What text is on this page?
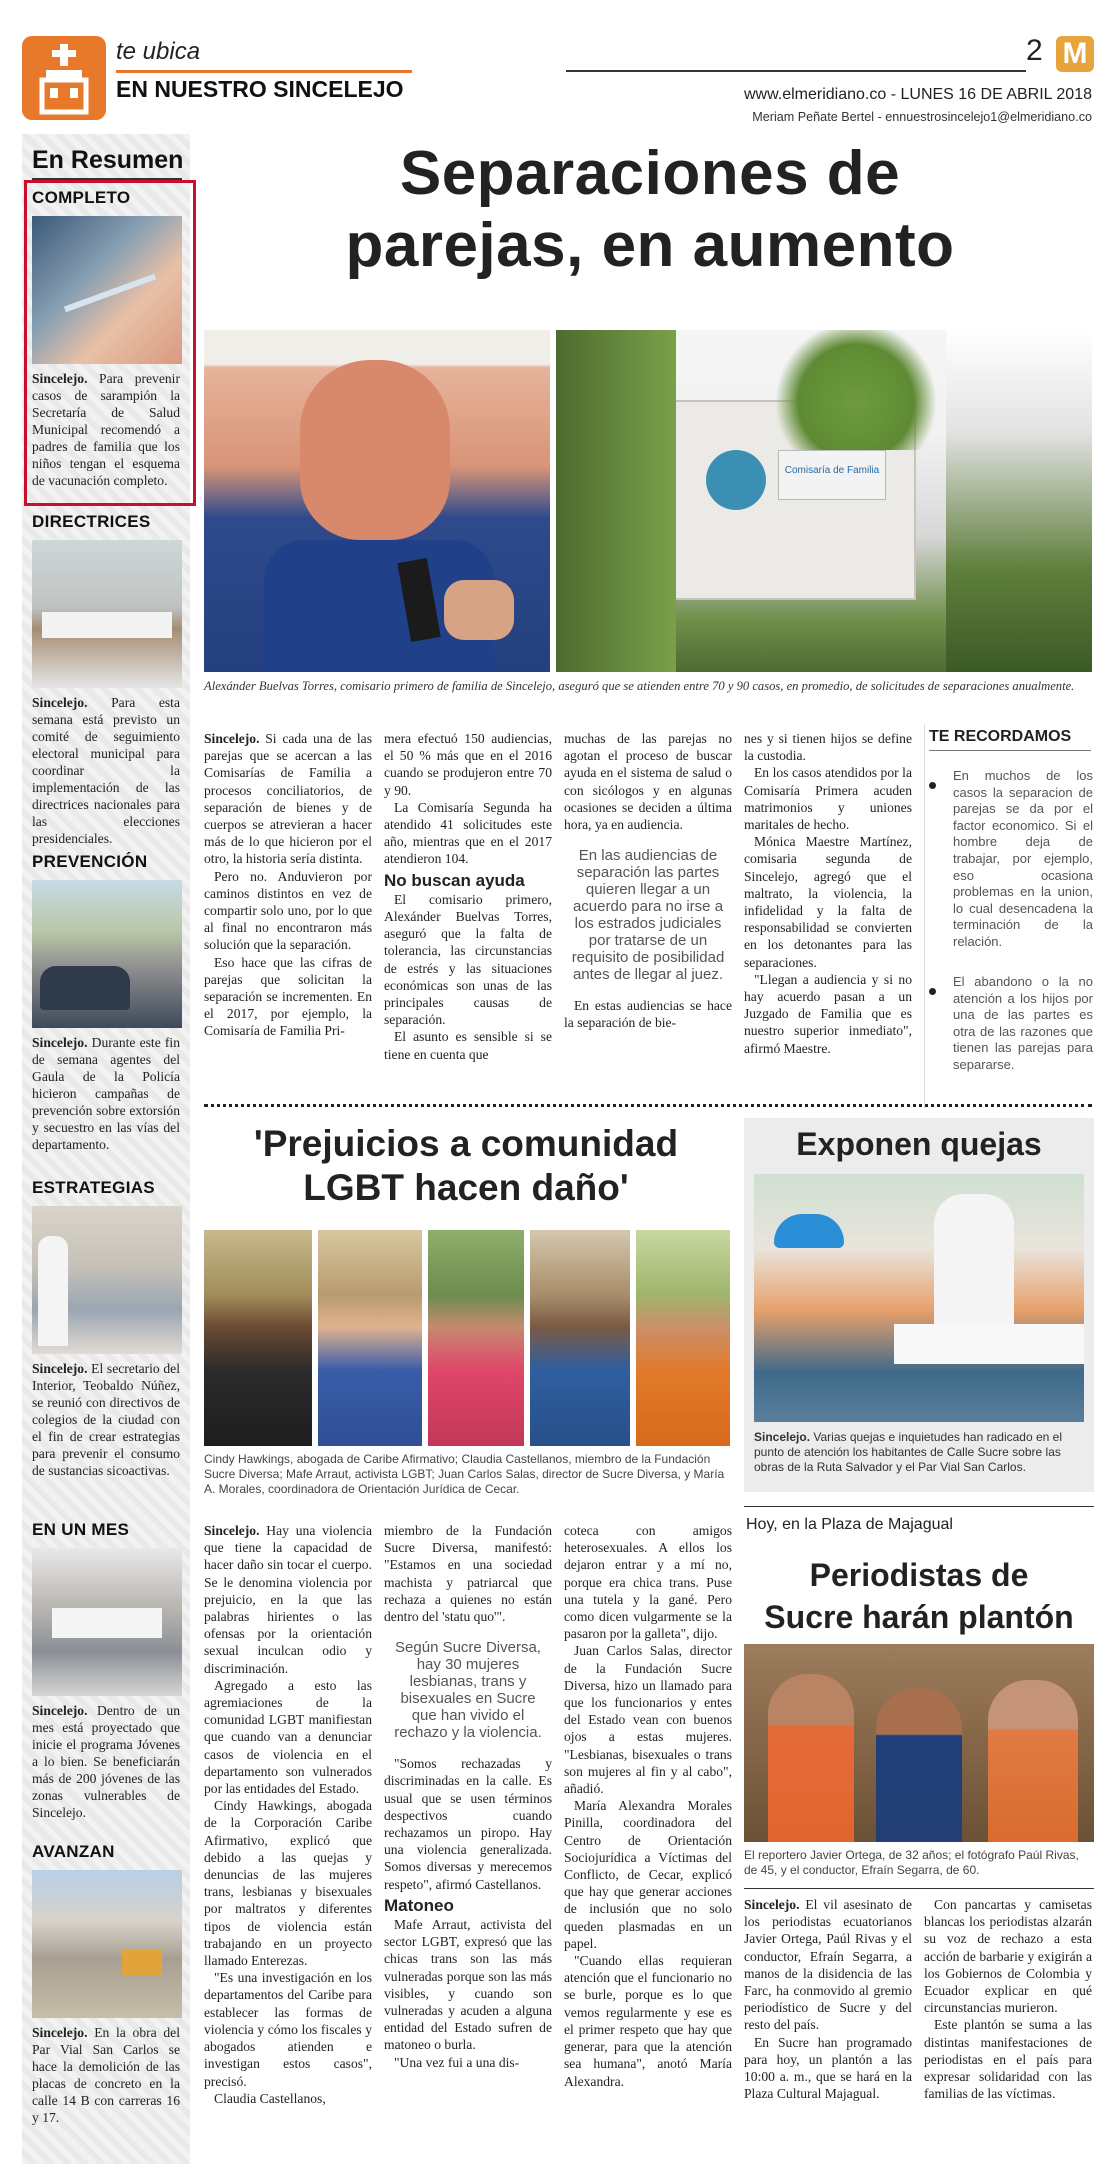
te ubica
EN NUESTRO SINCELEJO
2 M
www.elmeridiano.co - LUNES 16 DE ABRIL 2018
Meriam Peñate Bertel - ennuestrosincelejo1@elmeridiano.co
En Resumen
COMPLETO
Sincelejo. Para prevenir casos de sarampión la Secretaría de Salud Municipal recomendó a padres de familia que los niños tengan el esquema de vacunación completo.
DIRECTRICES
Sincelejo. Para esta semana está previsto un comité de seguimiento electoral municipal para coordinar la implementación de las directrices nacionales para las elecciones presidenciales.
PREVENCIÓN
Sincelejo. Durante este fin de semana agentes del Gaula de la Policía hicieron campañas de prevención sobre extorsión y secuestro en las vías del departamento.
ESTRATEGIAS
Sincelejo. El secretario del Interior, Teobaldo Núñez, se reunió con directivos de colegios de la ciudad con el fin de crear estrategias para prevenir el consumo de sustancias sicoactivas.
EN UN MES
Sincelejo. Dentro de un mes está proyectado que inicie el programa Jóvenes a lo bien. Se beneficiarán más de 200 jóvenes de las zonas vulnerables de Sincelejo.
AVANZAN
Sincelejo. En la obra del Par Vial San Carlos se hace la demolición de las placas de concreto en la calle 14 B con carreras 16 y 17.
Separaciones de
parejas, en aumento
Comisaría de Familia
Alexánder Buelvas Torres, comisario primero de familia de Sincelejo, aseguró que se atienden entre 70 y 90 casos, en promedio, de solicitudes de separaciones anualmente.

Sincelejo. Si cada una de las parejas que se acercan a las Comisarías de Familia a procesos conciliatorios, de separación de bienes y de cuerpos se atrevieran a hacer más de lo que hicieron por el otro, la historia sería distinta.

Pero no. Anduvieron por caminos distintos en vez de compartir solo uno, por lo que al final no encontraron más solución que la separación.

Eso hace que las cifras de parejas que solicitan la separación se incrementen. En el 2017, por ejemplo, la Comisaría de Familia Pri-

mera efectuó 150 audiencias, el 50 % más que en el 2016 cuando se produjeron entre 70 y 90.

La Comisaría Segunda ha atendido 41 solicitudes este año, mientras que en el 2017 atendieron 104.

No buscan ayuda

El comisario primero, Alexánder Buelvas Torres, aseguró que la falta de tolerancia, las circunstancias de estrés y las situaciones económicas son unas de las principales causas de separación.

El asunto es sensible si se tiene en cuenta que

muchas de las parejas no agotan el proceso de buscar ayuda en el sistema de salud o con sicólogos y en algunas ocasiones se deciden a última hora, ya en audiencia.

En las audiencias de separación las partes quieren llegar a un acuerdo para no irse a los estrados judiciales por tratarse de un requisito de posibilidad antes de llegar al juez.

En estas audiencias se hace la separación de bie-

nes y si tienen hijos se define la custodia.

En los casos atendidos por la Comisaría Primera acuden matrimonios y uniones maritales de hecho.

Mónica Maestre Martínez, comisaria segunda de Sincelejo, agregó que el maltrato, la violencia, la infidelidad y la falta de responsabilidad se convierten en los detonantes para las separaciones.

"Llegan a audiencia y si no hay acuerdo pasan a un Juzgado de Familia que es nuestro superior inmediato", afirmó Maestre.

TE RECORDAMOS
En muchos de los casos la separacion de parejas se da por el factor economico. Si el hombre deja de trabajar, por ejemplo, eso ocasiona problemas en la union, lo cual desencadena la terminación de la relación.
El abandono o la no atención a los hijos por una de las partes es otra de las razones que tienen las parejas para separarse.
'Prejuicios a comunidad
LGBT hacen daño'
Cindy Hawkings, abogada de Caribe Afirmativo; Claudia Castellanos, miembro de la Fundación Sucre Diversa; Mafe Arraut, activista LGBT; Juan Carlos Salas, director de Sucre Diversa, y María A. Morales, coordinadora de Orientación Jurídica de Cecar.

Sincelejo. Hay una violencia que tiene la capacidad de hacer daño sin tocar el cuerpo. Se le denomina violencia por prejuicio, en la que las palabras hirientes o las ofensas por la orientación sexual inculcan odio y discriminación.

Agregado a esto las agremiaciones de la comunidad LGBT manifiestan que cuando van a denunciar casos de violencia en el departamento son vulnerados por las entidades del Estado.

Cindy Hawkings, abogada de la Corporación Caribe Afirmativo, explicó que debido a las quejas y denuncias de las mujeres trans, lesbianas y bisexuales por maltratos y diferentes tipos de violencia están trabajando en un proyecto llamado Enterezas.

"Es una investigación en los departamentos del Caribe para establecer las formas de violencia y cómo los fiscales y abogados atienden e investigan estos casos", precisó.

Claudia Castellanos,

miembro de la Fundación Sucre Diversa, manifestó: "Estamos en una sociedad machista y patriarcal que rechaza a quienes no están dentro del 'statu quo'".

Según Sucre Diversa, hay 30 mujeres lesbianas, trans y bisexuales en Sucre que han vivido el rechazo y la violencia.

"Somos rechazadas y discriminadas en la calle. Es usual que se usen términos despectivos cuando rechazamos un piropo. Hay una violencia generalizada. Somos diversas y merecemos respeto", afirmó Castellanos.

Matoneo

Mafe Arraut, activista del sector LGBT, expresó que las chicas trans son las más vulneradas porque son las más visibles, y cuando son vulneradas y acuden a alguna entidad del Estado sufren de matoneo o burla.

"Una vez fui a una dis-

coteca con amigos heterosexuales. A ellos los dejaron entrar y a mí no, porque era chica trans. Puse una tutela y la gané. Pero como dicen vulgarmente se la pasaron por la galleta", dijo.

Juan Carlos Salas, director de la Fundación Sucre Diversa, hizo un llamado para que los funcionarios y entes del Estado vean con buenos ojos a estas mujeres. "Lesbianas, bisexuales o trans son mujeres al fin y al cabo", añadió.

María Alexandra Morales Pinilla, coordinadora del Centro de Orientación Sociojurídica a Víctimas del Conflicto, de Cecar, explicó que hay que generar acciones de inclusión que no solo queden plasmadas en un papel.

"Cuando ellas requieran atención que el funcionario no se burle, porque es lo que vemos regularmente y ese es el primer respeto que hay que generar, para que la atención sea humana", anotó María Alexandra.

Exponen quejas
Sincelejo. Varias quejas e inquietudes han radicado en el punto de atención los habitantes de Calle Sucre sobre las obras de la Ruta Salvador y el Par Vial San Carlos.
Hoy, en la Plaza de Majagual
Periodistas de
Sucre harán plantón
El reportero Javier Ortega, de 32 años; el fotógrafo Paúl Rivas, de 45, y el conductor, Efraín Segarra, de 60.

Sincelejo. El vil asesinato de los periodistas ecuatorianos Javier Ortega, Paúl Rivas y el conductor, Efraín Segarra, a manos de la disidencia de las Farc, ha conmovido al gremio periodístico de Sucre y del resto del país.

En Sucre han programado para hoy, un plantón a las 10:00 a. m., que se hará en la Plaza Cultural Majagual.

Con pancartas y camisetas blancas los periodistas alzarán su voz de rechazo a esta acción de barbarie y exigirán a los Gobiernos de Colombia y Ecuador explicar en qué circunstancias murieron.

Este plantón se suma a las distintas manifestaciones de periodistas en el país para expresar solidaridad con las familias de las víctimas.
